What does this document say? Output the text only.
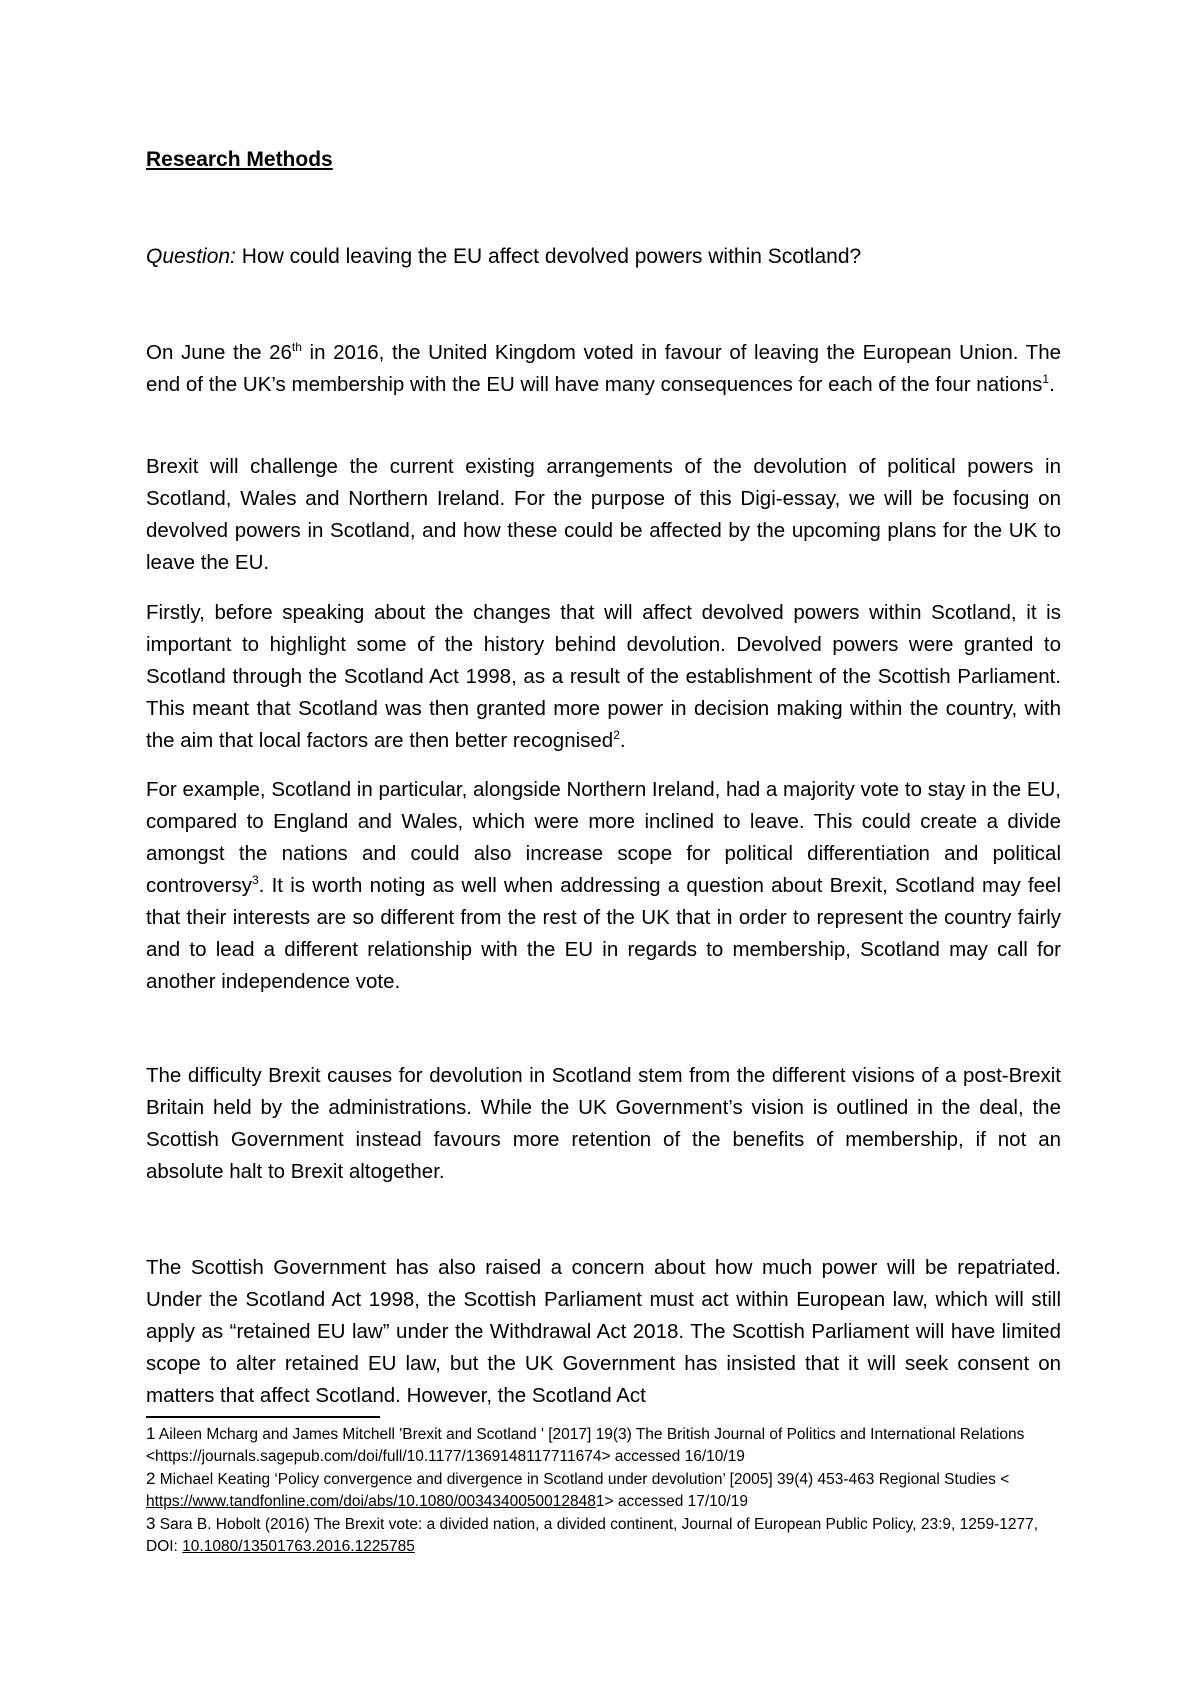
Research Methods
Question: How could leaving the EU affect devolved powers within Scotland?

On June the 26th in 2016, the United Kingdom voted in favour of leaving the European Union. The end of the UK’s membership with the EU will have many consequences for each of the four nations$^1$.

Brexit will challenge the current existing arrangements of the devolution of political powers in Scotland, Wales and Northern Ireland. For the purpose of this Digi-essay, we will be focusing on devolved powers in Scotland, and how these could be affected by the upcoming plans for the UK to leave the EU.

Firstly, before speaking about the changes that will affect devolved powers within Scotland, it is important to highlight some of the history behind devolution. Devolved powers were granted to Scotland through the Scotland Act 1998, as a result of the establishment of the Scottish Parliament. This meant that Scotland was then granted more power in decision making within the country, with the aim that local factors are then better recognised$^2$.

For example, Scotland in particular, alongside Northern Ireland, had a majority vote to stay in the EU, compared to England and Wales, which were more inclined to leave. This could create a divide amongst the nations and could also increase scope for political differentiation and political controversy$^3$. It is worth noting as well when addressing a question about Brexit, Scotland may feel that their interests are so different from the rest of the UK that in order to represent the country fairly and to lead a different relationship with the EU in regards to membership, Scotland may call for another independence vote.

The difficulty Brexit causes for devolution in Scotland stem from the different visions of a post-Brexit Britain held by the administrations. While the UK Government’s vision is outlined in the deal, the Scottish Government instead favours more retention of the benefits of membership, if not an absolute halt to Brexit altogether.

The Scottish Government has also raised a concern about how much power will be repatriated. Under the Scotland Act 1998, the Scottish Parliament must act within European law, which will still apply as “retained EU law” under the Withdrawal Act 2018. The Scottish Parliament will have limited scope to alter retained EU law, but the UK Government has insisted that it will seek consent on matters that affect Scotland. However, the Scotland Act

1 Aileen Mcharg and James Mitchell 'Brexit and Scotland ' [2017] 19(3) The British Journal of Politics and International Relations <https://journals.sagepub.com/doi/full/10.1177/1369148117711674> accessed 16/10/19

2 Michael Keating ‘Policy convergence and divergence in Scotland under devolution’ [2005] 39(4) 453-463 Regional Studies < https://www.tandfonline.com/doi/abs/10.1080/00343400500128481> accessed 17/10/19

3 Sara B. Hobolt (2016) The Brexit vote: a divided nation, a divided continent, Journal of European Public Policy, 23:9, 1259-1277, DOI: 10.1080/13501763.2016.1225785
